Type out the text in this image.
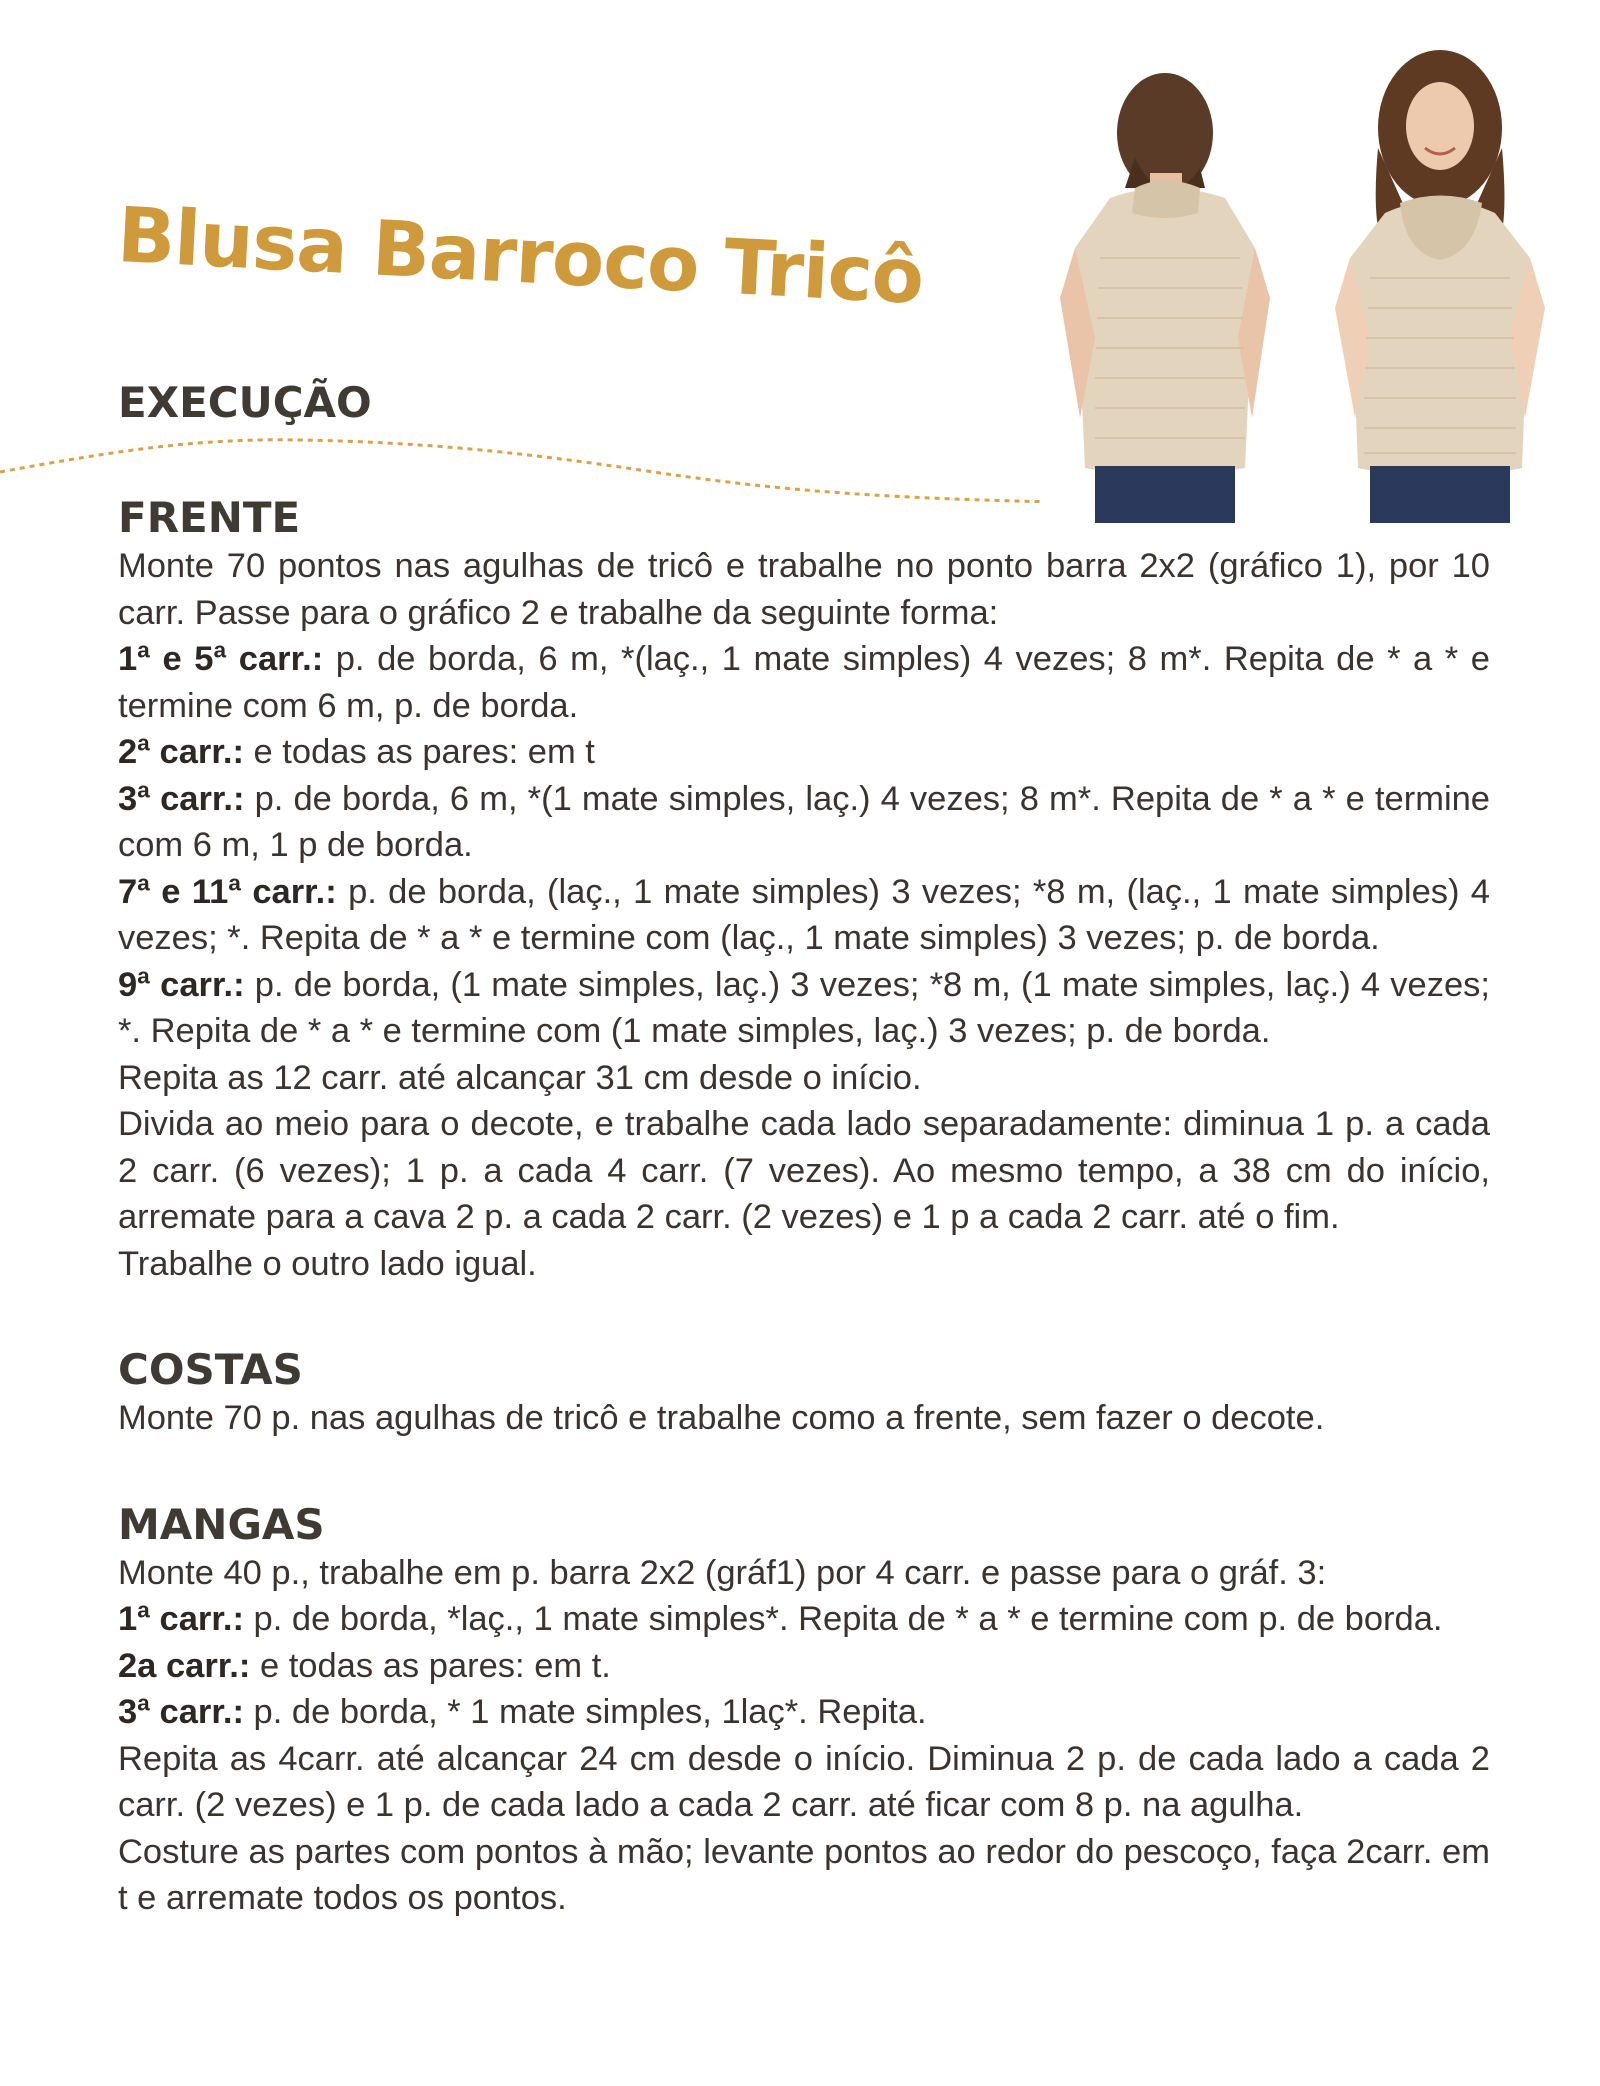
Blusa Barroco Tricô
EXECUÇÃO
FRENTE

Monte 70 pontos nas agulhas de tricô e trabalhe no ponto barra 2x2 (gráfico 1), por 10 carr. Passe para o gráfico 2 e trabalhe da seguinte forma:

1ª e 5ª carr.: p. de borda, 6 m, *(laç., 1 mate simples) 4 vezes; 8 m*. Repita de * a * e termine com 6 m, p. de borda.

2ª carr.: e todas as pares: em t

3ª carr.: p. de borda, 6 m, *(1 mate simples, laç.) 4 vezes; 8 m*. Repita de * a * e termine com 6 m, 1 p de borda.

7ª e 11ª carr.: p. de borda, (laç., 1 mate simples) 3 vezes; *8 m, (laç., 1 mate simples) 4 vezes; *. Repita de * a * e termine com (laç., 1 mate simples) 3 vezes; p. de borda.

9ª carr.: p. de borda, (1 mate simples, laç.) 3 vezes; *8 m, (1 mate simples, laç.) 4 vezes; *. Repita de * a * e termine com (1 mate simples, laç.) 3 vezes; p. de borda.

Repita as 12 carr. até alcançar 31 cm desde o início.

Divida ao meio para o decote, e trabalhe cada lado separadamente: diminua 1 p. a cada 2 carr. (6 vezes); 1 p. a cada 4 carr. (7 vezes). Ao mesmo tempo, a 38 cm do início, arremate para a cava 2 p. a cada 2 carr. (2 vezes) e 1 p a cada 2 carr. até o fim.

Trabalhe o outro lado igual.

COSTAS

Monte 70 p. nas agulhas de tricô e trabalhe como a frente, sem fazer o decote.

MANGAS

Monte 40 p., trabalhe em p. barra 2x2 (gráf1) por 4 carr. e passe para o gráf. 3:

1ª carr.: p. de borda, *laç., 1 mate simples*. Repita de * a * e termine com p. de borda.

2a carr.: e todas as pares: em t.

3ª carr.: p. de borda, * 1 mate simples, 1laç*. Repita.

Repita as 4carr. até alcançar 24 cm desde o início. Diminua 2 p. de cada lado a cada 2 carr. (2 vezes) e 1 p. de cada lado a cada 2 carr. até ficar com 8 p. na agulha.

Costure as partes com pontos à mão; levante pontos ao redor do pescoço, faça 2carr. em t e arremate todos os pontos.
